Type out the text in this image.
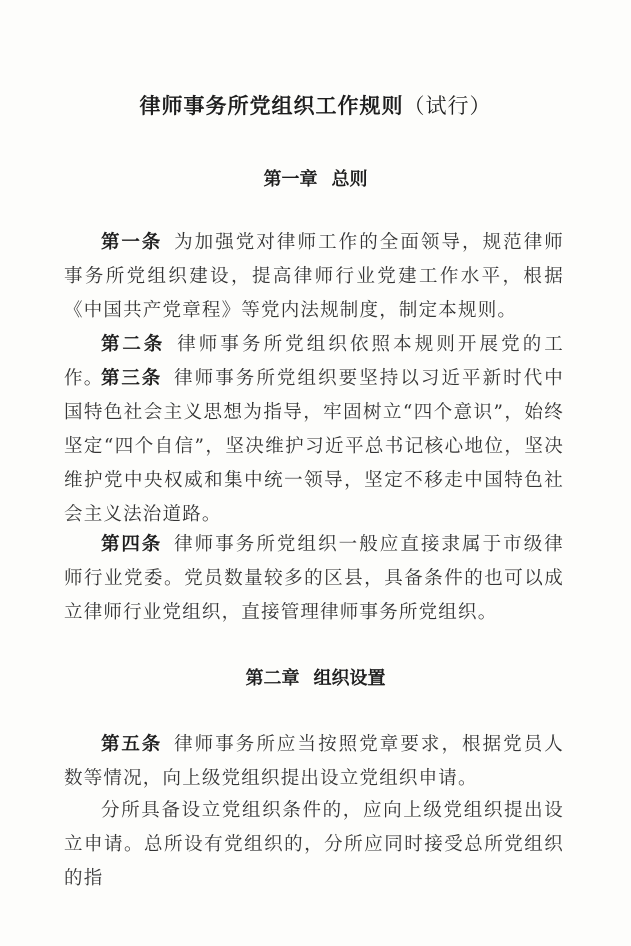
律师事务所党组织工作规则（试行）
第一章 总则

第一条 为加强党对律师工作的全面领导，规范律师事务所党组织建设，提高律师行业党建工作水平，根据《中国共产党章程》等党内法规制度，制定本规则。

第二条 律师事务所党组织依照本规则开展党的工作。

第三条 律师事务所党组织要坚持以习近平新时代中国特色社会主义思想为指导，牢固树立“四个意识”，始终坚定“四个自信”，坚决维护习近平总书记核心地位，坚决维护党中央权威和集中统一领导，坚定不移走中国特色社会主义法治道路。

第四条 律师事务所党组织一般应直接隶属于市级律师行业党委。党员数量较多的区县，具备条件的也可以成立律师行业党组织，直接管理律师事务所党组织。

第二章 组织设置

第五条 律师事务所应当按照党章要求，根据党员人数等情况，向上级党组织提出设立党组织申请。

分所具备设立党组织条件的，应向上级党组织提出设立申请。总所设有党组织的，分所应同时接受总所党组织的指
